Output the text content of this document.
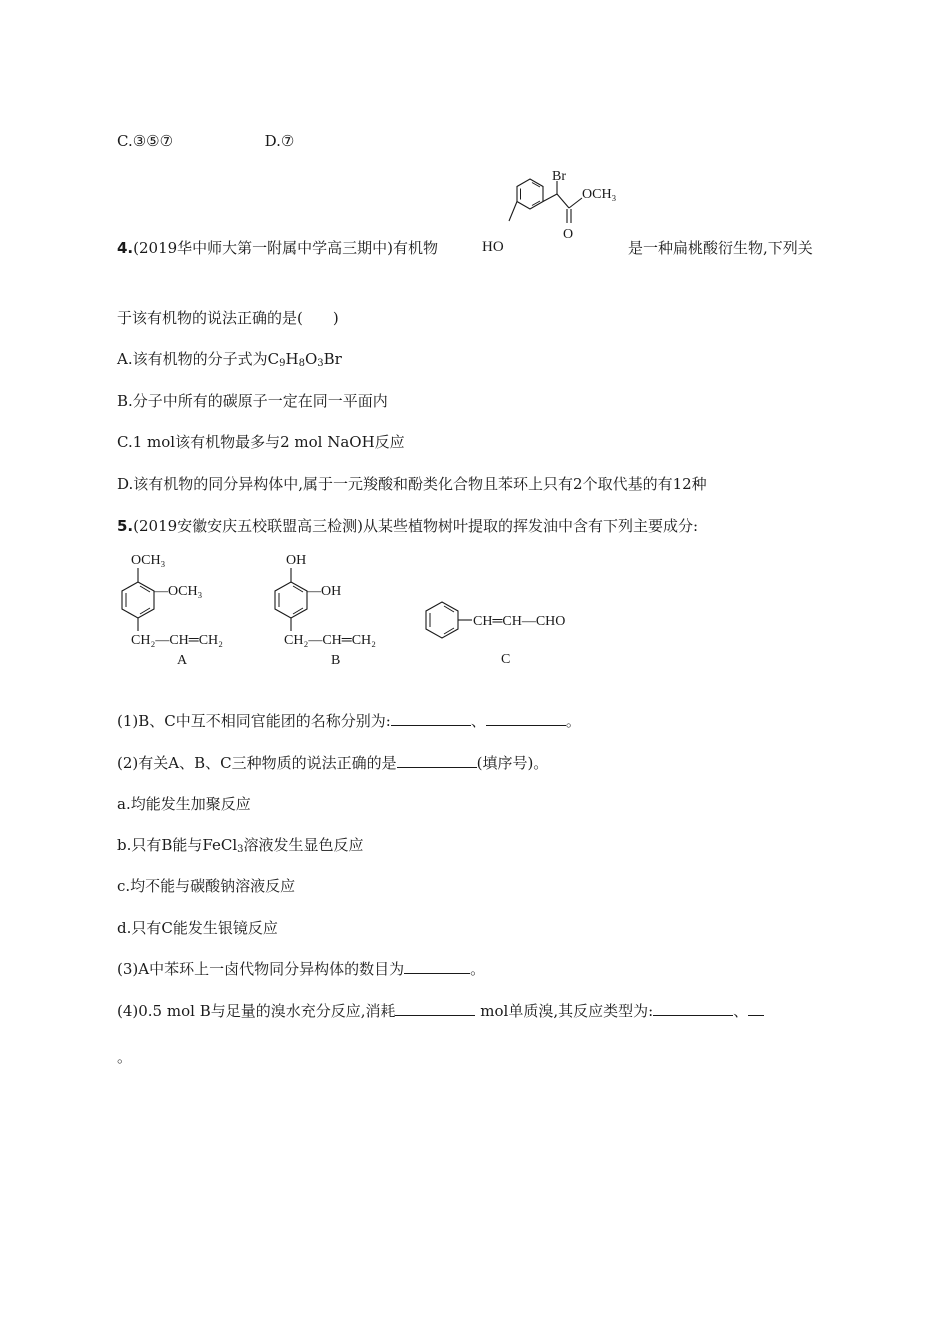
C.③⑤⑦	D.⑦
4.(2019华中师大第一附属中学高三期中)有机物
Br
O
OCH₃
HO	是一种扁桃酸衍生物,下列关
于该有机物的说法正确的是(　　)
A.该有机物的分子式为$C_9H_8O_3Br$
B.分子中所有的碳原子一定在同一平面内
C.1 mol该有机物最多与2 mol NaOH反应
D.该有机物的同分异构体中,属于一元羧酸和酚类化合物且苯环上只有2个取代基的有12种
5.(2019安徽安庆五校联盟高三检测)从某些植物树叶提取的挥发油中含有下列主要成分:
OCH₃
—OCH₃
CH₂—CH═CH₂
A
OH
—OH
CH₂—CH═CH₂
B
CH═CH—CHO
C
(1)B、C中互不相同官能团的名称分别为:	、	。
(2)有关A、B、C三种物质的说法正确的是	(填序号)。
a.均能发生加聚反应
b.只有B能与FeCl$_3$溶液发生显色反应
c.均不能与碳酸钠溶液反应
d.只有C能发生银镜反应
(3)A中苯环上一卤代物同分异构体的数目为	。
(4)0.5 mol B与足量的溴水充分反应,消耗	mol单质溴,其反应类型为:	、
。
